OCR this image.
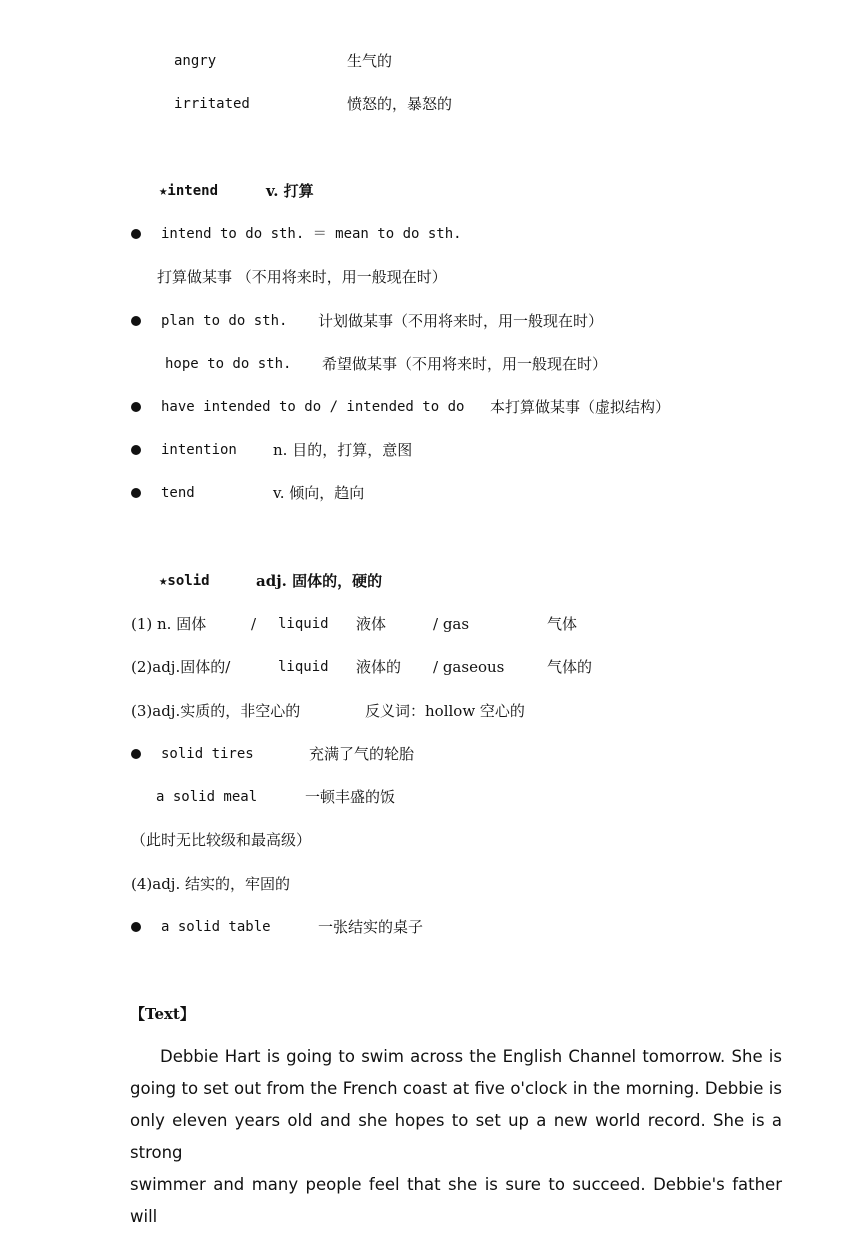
angry	生气的
irritated	愤怒的，暴怒的
★intend	v. 打算
intend to do sth. ＝ mean to do sth.
打算做某事 （不用将来时，用一般现在时）
plan to do sth. 计划做某事（不用将来时，用一般现在时）
hope to do sth. 希望做某事（不用将来时，用一般现在时）
have intended to do / intended to do 本打算做某事（虚拟结构）
intention n. 目的，打算，意图
tend	v. 倾向，趋向
★solid	adj. 固体的，硬的
(1) n. 固体	/ liquid 液体	/ gas	气体
(2)adj.固体的/	liquid 液体的 / gaseous	气体的
(3)adj.实质的，非空心的	反义词：hollow 空心的
solid tires	充满了气的轮胎
a solid meal	一顿丰盛的饭
（此时无比较级和最高级）
(4)adj. 结实的，牢固的
a solid table	一张结实的桌子
【Text】
Debbie Hart is going to swim across the English Channel tomorrow. She is
going to set out from the French coast at five o'clock in the morning. Debbie is
only eleven years old and she hopes to set up a new world record. She is a strong
swimmer and many people feel that she is sure to succeed. Debbie's father will
